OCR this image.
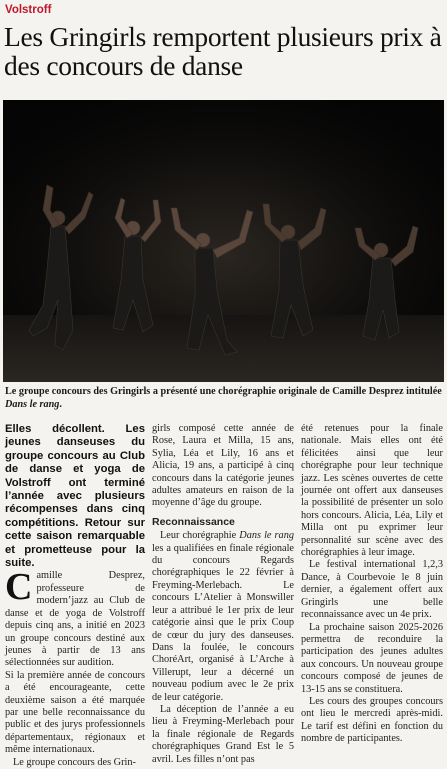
Volstroff
Les Gringirls remportent plusieurs prix à des concours de danse
Le groupe concours des Gringirls a présenté une chorégraphie originale de Camille Desprez intitulée Dans le rang.

Elles décollent. Les jeunes danseuses du groupe concours au Club de danse et yoga de Volstroff ont terminé l’année avec plusieurs récompenses dans cinq compétitions. Retour sur cette saison remarquable et prometteuse pour la suite.

Camille Desprez, professeure de modern’jazz au Club de danse et de yoga de Volstroff depuis cinq ans, a initié en 2023 un groupe concours destiné aux jeunes à partir de 13 ans sélectionnées sur audition.

Si la première année de concours a été encourageante, cette deuxième saison a été marquée par une belle reconnaissance du public et des jurys professionnels départementaux, régionaux et même internationaux.

Le groupe concours des Grin-

girls composé cette année de Rose, Laura et Milla, 15 ans, Sylia, Léa et Lily, 16 ans et Alicia, 19 ans, a participé à cinq concours dans la catégorie jeunes adultes amateurs en raison de la moyenne d’âge du groupe.

Reconnaissance

Leur chorégraphie Dans le rang les a qualifiées en finale régionale du concours Regards chorégraphiques le 22 février à Freyming-Merlebach. Le concours L’Atelier à Monswiller leur a attribué le 1er prix de leur catégorie ainsi que le prix Coup de cœur du jury des danseuses. Dans la foulée, le concours ChoréArt, organisé à L’Arche à Villerupt, leur a décerné un nouveau podium avec le 2e prix de leur catégorie.

La déception de l’année a eu lieu à Freyming-Merlebach pour la finale régionale de Regards chorégraphiques Grand Est le 5 avril. Les filles n’ont pas

été retenues pour la finale nationale. Mais elles ont été félicitées ainsi que leur chorégraphe pour leur technique jazz. Les scènes ouvertes de cette journée ont offert aux danseuses la possibilité de présenter un solo hors concours. Alicia, Léa, Lily et Milla ont pu exprimer leur personnalité sur scène avec des chorégraphies à leur image.

Le festival international 1,2,3 Dance, à Courbevoie le 8 juin dernier, a également offert aux Gringirls une belle reconnaissance avec un 4e prix.

La prochaine saison 2025-2026 permettra de reconduire la participation des jeunes adultes aux concours. Un nouveau groupe concours composé de jeunes de 13-15 ans se constituera.

Les cours des groupes concours ont lieu le mercredi après-midi. Le tarif est défini en fonction du nombre de participantes.
